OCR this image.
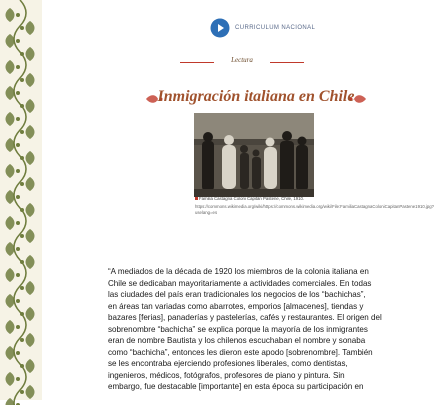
CURRICULUM NACIONAL
Lectura
Inmigración italiana en Chile
Familia Castagna Coloni Capitán Pastene, Chile, 1910.
https://commons.wikimedia.org/wiki/https://commons.wikimedia.org/wiki/File:FamiliaCastagnaColoniCapitanPastene1910.jpg?uselang=es
“A mediados de la década de 1920 los miembros de la colonia italiana en
Chile se dedicaban mayoritariamente a actividades comerciales. En todas
las ciudades del país eran tradicionales los negocios de los “bachichas”,
en áreas tan variadas como abarrotes, emporios [almacenes], tiendas y
bazares [ferias], panaderías y pastelerías, cafés y restaurantes. El origen del
sobrenombre “bachicha” se explica porque la mayoría de los inmigrantes
eran de nombre Bautista y los chilenos escuchaban el nombre y sonaba
como “bachicha”, entonces les dieron este apodo [sobrenombre]. También
se les encontraba ejerciendo profesiones liberales, como dentistas,
ingenieros, médicos, fotógrafos, profesores de piano y pintura. Sin
embargo, fue destacable [importante] en esta época su participación en
